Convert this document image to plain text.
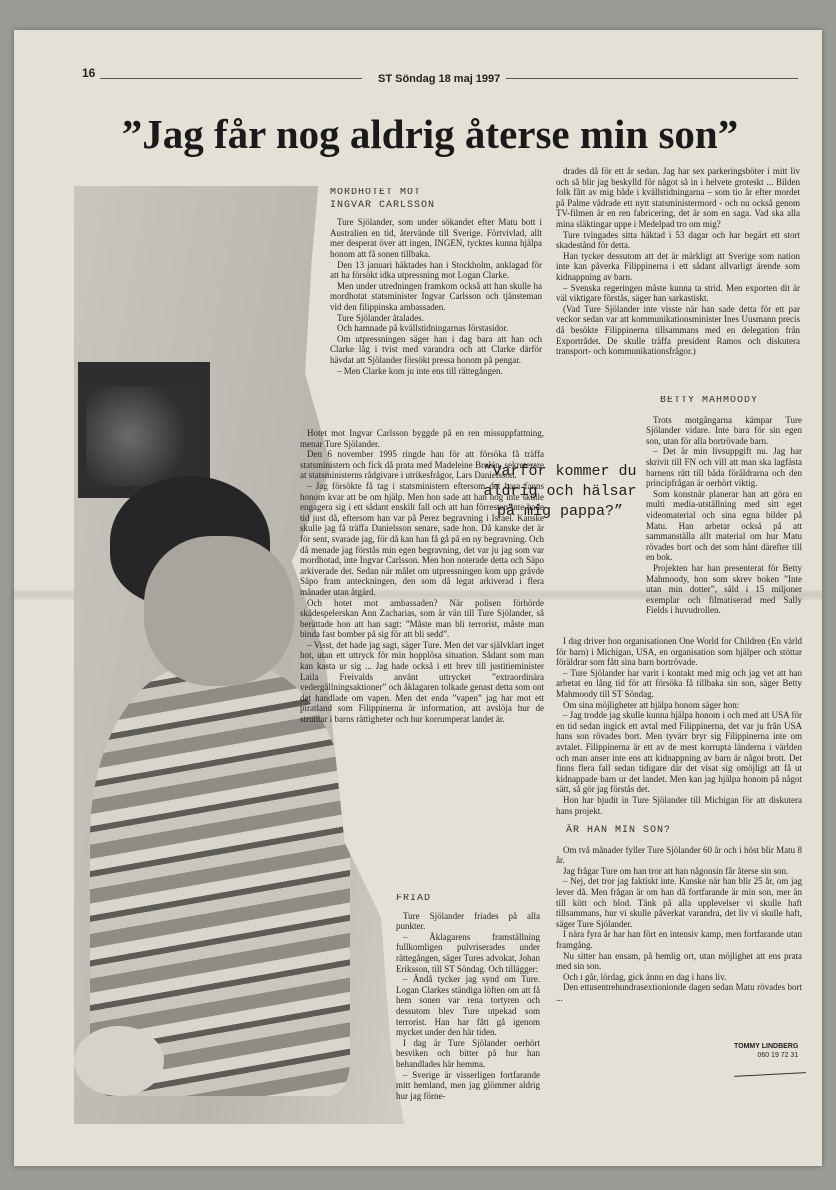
16	ST Söndag 18 maj 1997
”Jag får nog aldrig återse min son”
MORDHOTET MOT
INGVAR CARLSSON

Ture Sjölander, som under sökandet efter Matu bott i Australien en tid, återvände till Sverige. Förtvivlad, allt mer desperat över att ingen, INGEN, tycktes kunna hjälpa honom att få sonen tillbaka.

Den 13 januari häktades han i Stockholm, anklagad för att ha försökt idka utpressning mot Logan Clarke.

Men under utredningen framkom också att han skulle ha mordhotat statsminister Ingvar Carlsson och tjänsteman vid den filippinska ambassaden.

Ture Sjölander åtalades.

Och hamnade på kvällstidningarnas förstasidor.

Om utpressningen säger han i dag bara att han och Clarke låg i tvist med varandra och att Clarke därför hävdat att Sjölander försökt pressa honom på pengar.

– Men Clarke kom ju inte ens till rättegången.

Hotet mot Ingvar Carlsson byggde på en ren missuppfattning, menar Ture Sjölander.

Den 6 november 1995 ringde han för att försöka få träffa statsministern och fick då prata med Madeleine Brolén, sekreterare at statsministerns rådgivare i utrikesfrågor, Lars Danielsson.

– Jag försökte få tag i statsministern eftersom det bara fanns honom kvar att be om hjälp. Men hon sade att han nog inte skulle engagera sig i ett sådant enskilt fall och att han förresten inte hade tid just då, eftersom han var på Perez begravning i Israel. Kanske skulle jag få träffa Danielsson senare, sade hon. Då kanske det är för sent, svarade jag, för då kan han få gå på en ny begravning. Och då menade jag förstås min egen begravning, det var ju jag som var mordhotad, inte Ingvar Carlsson. Men hon noterade detta och Säpo arkiverade det. Sedan när målet om utpressningen kom upp grävde Säpo fram anteckningen, den som då legat arkiverad i flera månader utan åtgärd.

Och hotet mot ambassaden? När polisen förhörde skådespelerskan Ann Zacharias, som är vän till Ture Sjölander, så berättade hon att han sagt: ”Måste man bli terrorist, måste man binda fast bomber på sig för att bli sedd”.

– Visst, det hade jag sagt, säger Ture. Men det var självklart inget hot, utan ett uttryck för min hopplösa situation. Sådant som man kan kasta ur sig ... Jag hade också i ett brev till justitieminister Laila Freivalds använt uttrycket ”extraordinära vedergällningsaktioner” och åklagaren tolkade genast detta som ont det handlade om vapen. Men det enda ”vapen” jag har mot ett piratland som Filippinerna är information, att avslöja hur de struntar i barns rättigheter och hur korrumperat landet är.

FRIAD

Ture Sjölander friades på alla punkter.

– Åklagarens framställning fullkomligen pulvriserades under rättegången, säger Tures advokat, Johan Eriksson, till ST Söndag. Och tillägger:

– Ändå tycker jag synd om Ture. Logan Clarkes ständiga löften om att få hem sonen var rena tortyren och dessutom blev Ture utpekad som terrorist. Han har fått gå igenom mycket under den här tiden.

I dag är Ture Sjölander oerhört besviken och bitter på hur han behandlades här hemma.

– Sverige är visserligen fortfarande mitt hemland, men jag glömmer aldrig hur jag förne-

”Varför kommer du aldrig och hälsar på mig pappa?”

drades då för ett år sedan. Jag har sex parkeringsböter i mitt liv och så blir jag beskylld för något så in i helvete groteskt ... Bilden folk fått av mig både i kvällstidningarna – som tio år efter mordet på Palme vädrade ett nytt statsministermord - och nu också genom TV-filmen är en ren fabricering, det är som en saga. Vad ska alla mina släktingar uppe i Medelpad tro om mig?

Ture tvingades sitta häktad i 53 dagar och har begärt ett stort skadestånd för detta.

Han tycker dessutom att det är märkligt att Sverige som nation inte kan påverka Filippinerna i ett sådant allvarligt ärende som kidnappning av barn.

– Svenska regeringen måste kunna ta strid. Men exporten dit är väl viktigare förstås, säger han sarkastiskt.

(Vad Ture Sjölander inte visste när han sade detta för ett par veckor sedan var att kommunikationsminister Ines Uusmann precis då besökte Filippinerna tillsammans med en delegation från Exportrådet. De skulle träffa president Ramos och diskutera transport- och kommunikationsfrågor.)

BETTY MAHMOODY

Trots motgångarna kämpar Ture Sjölander vidare. Inte bara för sin egen son, utan för alla bortrövade barn.

– Det är min livsuppgift nu. Jag har skrivit till FN och vill att man ska lagfästa barnens rätt till båda föräldrarna och den principfrågan är oerhört viktig.

Som konstnär planerar han att göra en multi media-utställning med sitt eget videomaterial och sina egna bilder på Matu. Han arbetar också på att sammanställa allt material om hur Matu rövades bort och det som hänt därefter till en bok.

Projekten har han presenterat för Betty Mahmoody, hon som skrev boken ”Inte utan min dotter”, såld i 15 miljoner exemplar och filmatiserad med Sally Fields i huvudrollen.

I dag driver hon organisationen One World for Children (En värld för barn) i Michigan, USA, en organisation som hjälper och stöttar föräldrar som fått sina barn bortrövade.

– Ture Sjölander har varit i kontakt med mig och jag vet att han arbetat en lång tid för att försöka få tillbaka sin son, säger Betty Mahmoody till ST Söndag.

Om sina möjligheter att hjälpa honom säger hon:

– Jag trodde jag skulle kunna hjälpa honom i och med att USA för en tid sedan ingick ett avtal med Filippinerna, det var ju från USA hans son rövades bort. Men tyvärr bryr sig Filippinerna inte om avtalet. Filippinerna är ett av de mest korrupta länderna i världen och man anser inte ens att kidnappning av barn är något brott. Det finns flera fall sedan tidigare där det visat sig omöjligt att få ut kidnappade barn ur det landet. Men kan jag hjälpa honom på något sätt, så gör jag förstås det.

Hon har bjudit in Ture Sjölander till Michigan för att diskutera hans projekt.

ÄR HAN MIN SON?

Om två månader fyller Ture Sjölander 60 år och i höst blir Matu 8 år.

Jag frågar Ture om han tror att han någonsin får återse sin son.

– Nej, det tror jag faktiskt inte. Kanske när han blir 25 år, om jag lever då. Men frågan är om han då fortfarande är min son, mer än till kött och blod. Tänk på alla upplevelser vi skulle haft tillsammans, hur vi skulle påverkat varandra, det liv vi skulle haft, säger Ture Sjölander.

I nära fyra år har han fört en intensiv kamp, men fortfarande utan framgång.

Nu sitter han ensam, på hemlig ort, utan möjlighet att ens prata med sin son.

Och i går, lördag, gick ännu en dag i hans liv.

Den ettusentrehundrasextionionde dagen sedan Matu rövades bort ...

TOMMY LINDBERG
060 19 72 31
